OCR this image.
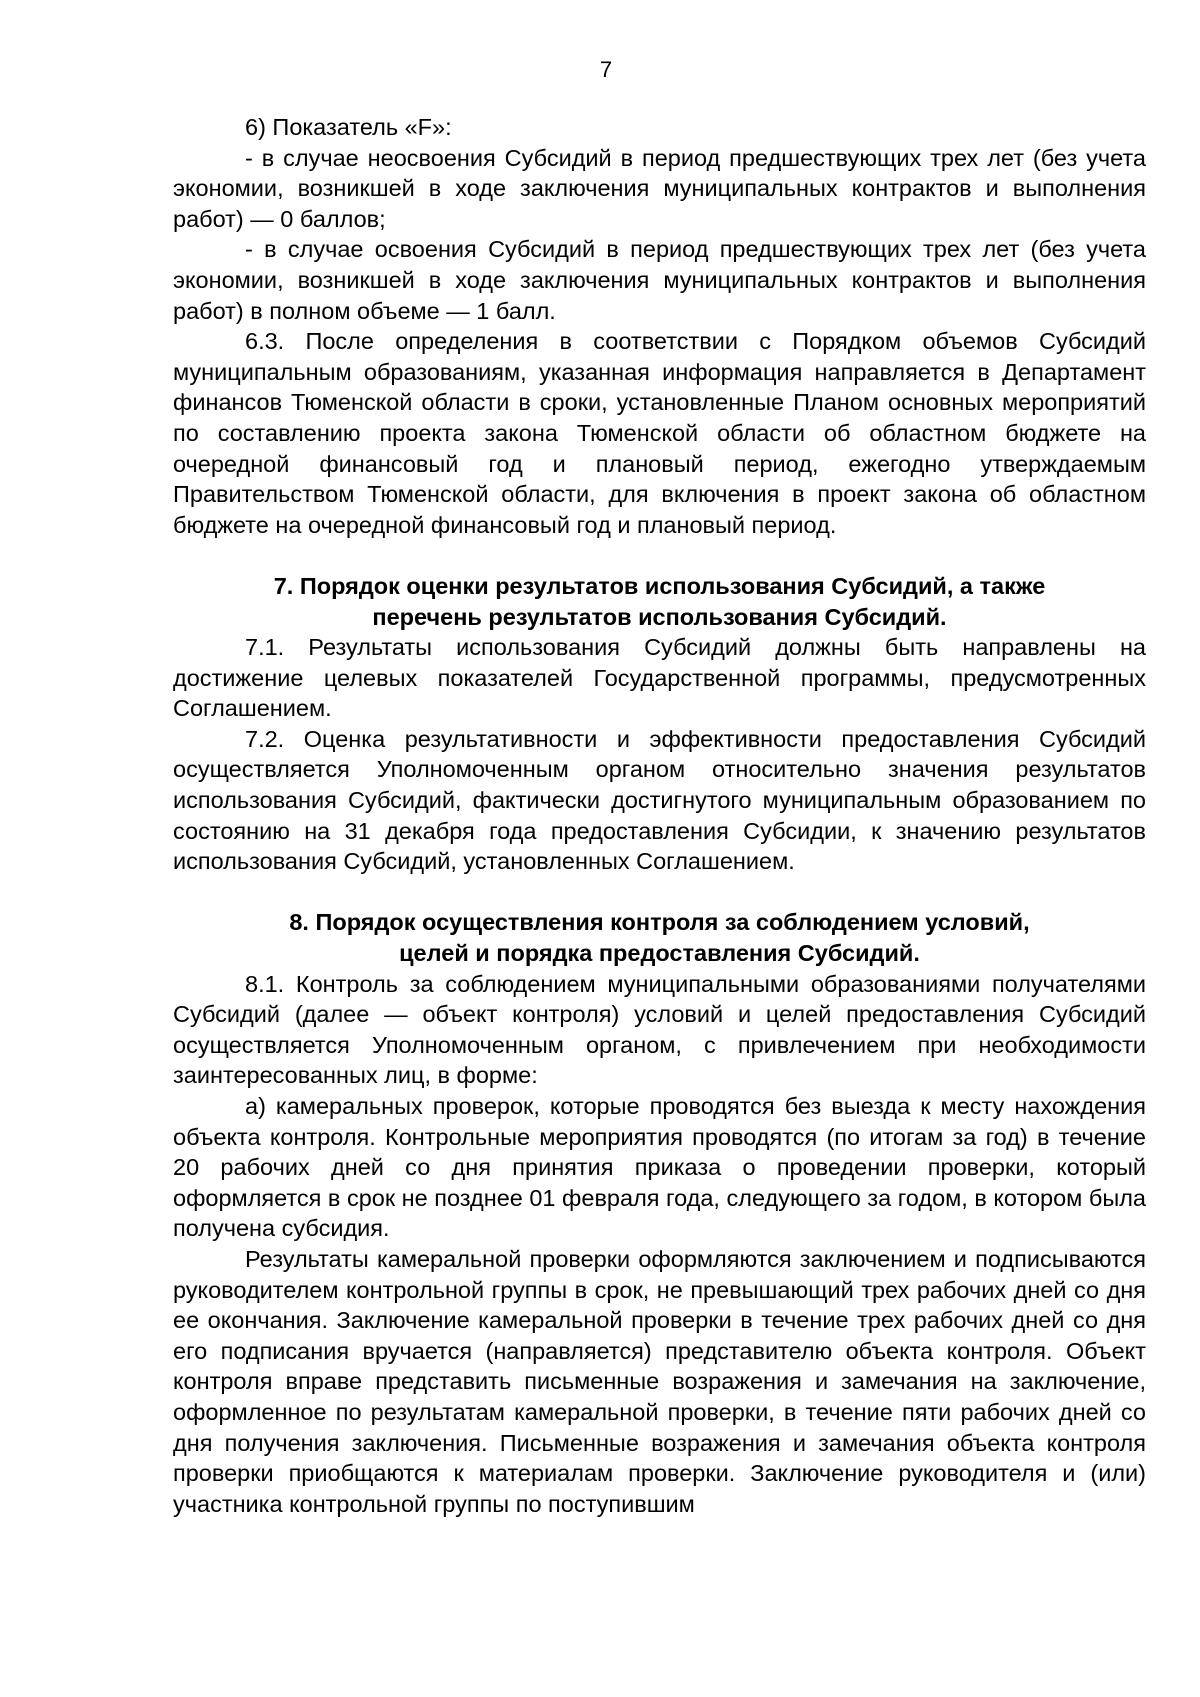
7

6) Показатель «F»:

- в случае неосвоения Субсидий в период предшествующих трех лет (без учета экономии, возникшей в ходе заключения муниципальных контрактов и выполнения работ) — 0 баллов;

- в случае освоения Субсидий в период предшествующих трех лет (без учета экономии, возникшей в ходе заключения муниципальных контрактов и выполнения работ) в полном объеме — 1 балл.

6.3. После определения в соответствии с Порядком объемов Субсидий муниципальным образованиям, указанная информация направляется в Департамент финансов Тюменской области в сроки, установленные Планом основных мероприятий по составлению проекта закона Тюменской области об областном бюджете на очередной финансовый год и плановый период, ежегодно утверждаемым Правительством Тюменской области, для включения в проект закона об областном бюджете на очередной финансовый год и плановый период.

7. Порядок оценки результатов использования Субсидий, а также
перечень результатов использования Субсидий.

7.1. Результаты использования Субсидий должны быть направлены на достижение целевых показателей Государственной программы, предусмотренных Соглашением.

7.2. Оценка результативности и эффективности предоставления Субсидий осуществляется Уполномоченным органом относительно значения результатов использования Субсидий, фактически достигнутого муниципальным образованием по состоянию на 31 декабря года предоставления Субсидии, к значению результатов использования Субсидий, установленных Соглашением.

8. Порядок осуществления контроля за соблюдением условий,
целей и порядка предоставления Субсидий.

8.1. Контроль за соблюдением муниципальными образованиями получателями Субсидий (далее — объект контроля) условий и целей предоставления Субсидий осуществляется Уполномоченным органом, с привлечением при необходимости заинтересованных лиц, в форме:

а) камеральных проверок, которые проводятся без выезда к месту нахождения объекта контроля. Контрольные мероприятия проводятся (по итогам за год) в течение 20 рабочих дней со дня принятия приказа о проведении проверки, который оформляется в срок не позднее 01 февраля года, следующего за годом, в котором была получена субсидия.

Результаты камеральной проверки оформляются заключением и подписываются руководителем контрольной группы в срок, не превышающий трех рабочих дней со дня ее окончания. Заключение камеральной проверки в течение трех рабочих дней со дня его подписания вручается (направляется) представителю объекта контроля. Объект контроля вправе представить письменные возражения и замечания на заключение, оформленное по результатам камеральной проверки, в течение пяти рабочих дней со дня получения заключения. Письменные возражения и замечания объекта контроля проверки приобщаются к материалам проверки. Заключение руководителя и (или) участника контрольной группы по поступившим
